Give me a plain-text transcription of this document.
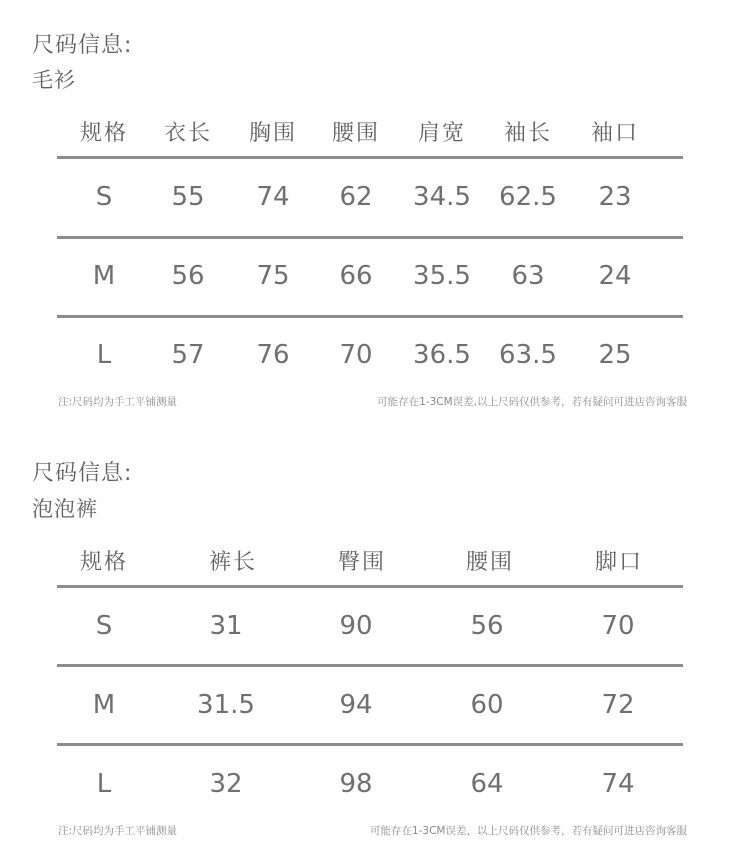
尺码信息:
毛衫
规格	衣长	胸围	腰围	肩宽	袖长	袖口
S	55	74	62	34.5	62.5	23
M	56	75	66	35.5	63	24
L	57	76	70	36.5	63.5	25
注:尺码均为手工平铺测量	可能存在1-3CM误差,以上尺码仅供参考，若有疑问可进店咨询客服
尺码信息:
泡泡裤
规格	裤长	臀围	腰围	脚口
S	31	90	56	70
M	31.5	94	60	72
L	32	98	64	74
注:尺码均为手工平铺测量	可能存在1-3CM误差，以上尺码仅供参考，若有疑问可进店咨询客服
